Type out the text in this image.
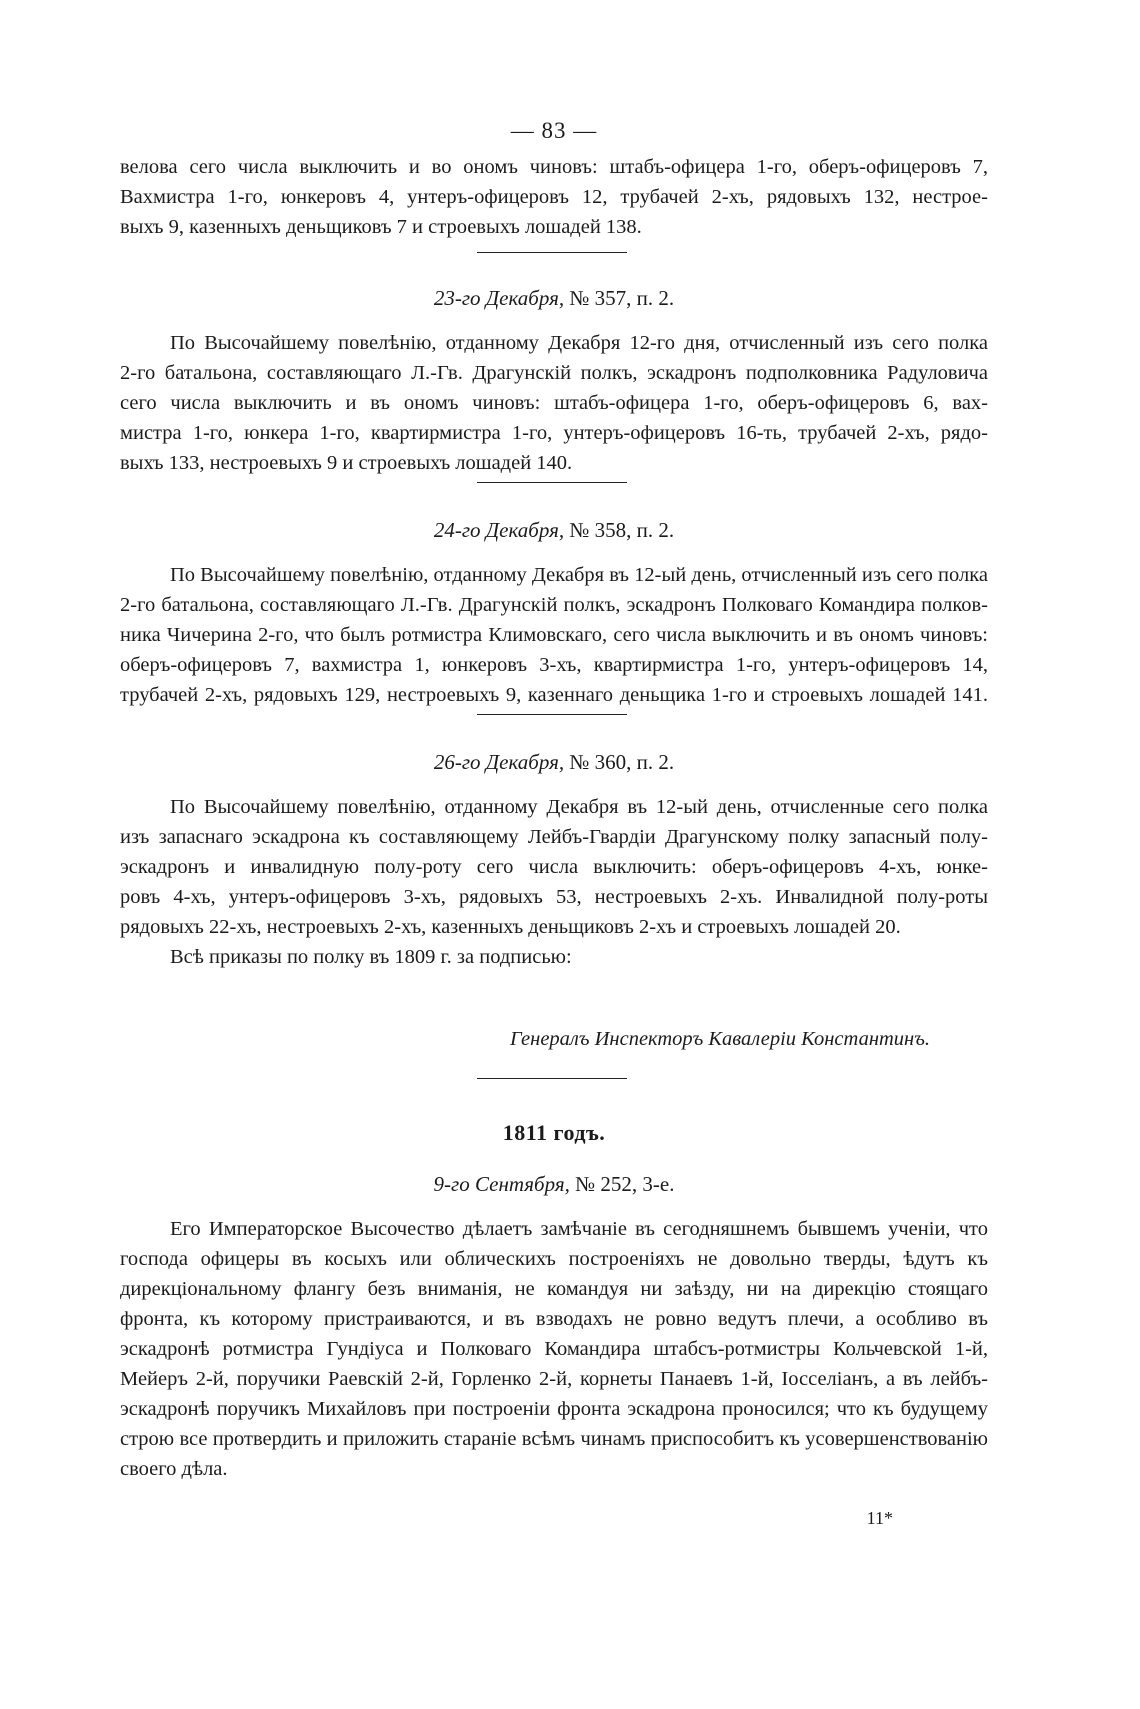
— 83 —
велова сего числа выключить и во ономъ чиновъ: штабъ-офицера 1-го, оберъ-офицеровъ 7,
Вахмистра 1-го, юнкеровъ 4, унтеръ-офицеровъ 12, трубачей 2-хъ, рядовыхъ 132, нестрое-
выхъ 9, казенныхъ деньщиковъ 7 и строевыхъ лошадей 138.
23-го Декабря, № 357, п. 2.
По Высочайшему повелѣнію, отданному Декабря 12-го дня, отчисленный изъ сего полка
2-го батальона, составляющаго Л.-Гв. Драгунскій полкъ, эскадронъ подполковника Радуловича
сего числа выключить и въ ономъ чиновъ: штабъ-офицера 1-го, оберъ-офицеровъ 6, вах-
мистра 1-го, юнкера 1-го, квартирмистра 1-го, унтеръ-офицеровъ 16-ть, трубачей 2-хъ, рядо-
выхъ 133, нестроевыхъ 9 и строевыхъ лошадей 140.
24-го Декабря, № 358, п. 2.
По Высочайшему повелѣнію, отданному Декабря въ 12-ый день, отчисленный изъ сего полка
2-го батальона, составляющаго Л.-Гв. Драгунскій полкъ, эскадронъ Полковаго Командира полков-
ника Чичерина 2-го, что былъ ротмистра Климовскаго, сего числа выключить и въ ономъ чиновъ:
оберъ-офицеровъ 7, вахмистра 1, юнкеровъ 3-хъ, квартирмистра 1-го, унтеръ-офицеровъ 14,
трубачей 2-хъ, рядовыхъ 129, нестроевыхъ 9, казеннаго деньщика 1-го и строевыхъ лошадей 141.
26-го Декабря, № 360, п. 2.
По Высочайшему повелѣнію, отданному Декабря въ 12-ый день, отчисленные сего полка
изъ запаснаго эскадрона къ составляющему Лейбъ-Гвардіи Драгунскому полку запасный полу-
эскадронъ и инвалидную полу-роту сего числа выключить: оберъ-офицеровъ 4-хъ, юнке-
ровъ 4-хъ, унтеръ-офицеровъ 3-хъ, рядовыхъ 53, нестроевыхъ 2-хъ. Инвалидной полу-роты
рядовыхъ 22-хъ, нестроевыхъ 2-хъ, казенныхъ деньщиковъ 2-хъ и строевыхъ лошадей 20.
Всѣ приказы по полку въ 1809 г. за подписью:
Генералъ Инспекторъ Кавалеріи Константинъ.
1811 годъ.
9-го Сентября, № 252, 3-е.
Его Императорское Высочество дѣлаетъ замѣчаніе въ сегодняшнемъ бывшемъ ученіи, что
господа офицеры въ косыхъ или облическихъ построеніяхъ не довольно тверды, ѣдутъ къ
дирекціональному флангу безъ вниманія, не командуя ни заѣзду, ни на дирекцію стоящаго
фронта, къ которому пристраиваются, и въ взводахъ не ровно ведутъ плечи, а особливо въ
эскадронѣ ротмистра Гундіуса и Полковаго Командира штабсъ-ротмистры Кольчевской 1-й,
Мейеръ 2-й, поручики Раевскій 2-й, Горленко 2-й, корнеты Панаевъ 1-й, Іосселіанъ, а въ лейбъ-
эскадронѣ поручикъ Михайловъ при построеніи фронта эскадрона проносился; что къ будущему
строю все протвердить и приложить стараніе всѣмъ чинамъ приспособитъ къ усовершенствованію
своего дѣла.
11*
